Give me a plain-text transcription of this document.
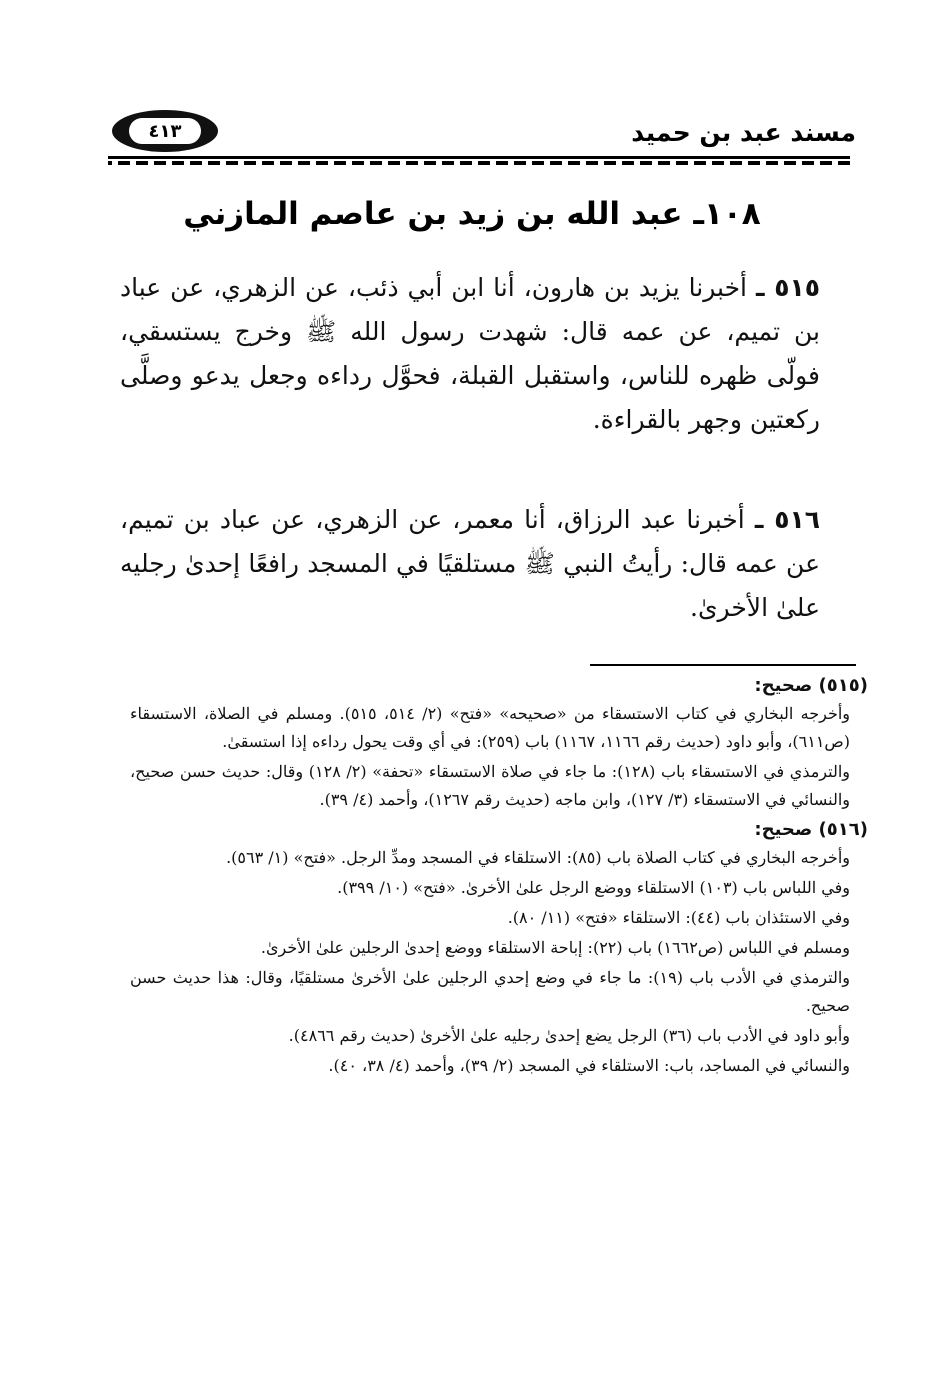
مسند عبد بن حميد
٤١٣
١٠٨ـ عبد الله بن زيد بن عاصم المازني
٥١٥ ـ أخبرنا يزيد بن هارون، أنا ابن أبي ذئب، عن الزهري، عن عباد بن تميم، عن عمه قال: شهدت رسول الله ﷺ وخرج يستسقي، فولّى ظهره للناس، واستقبل القبلة، فحوَّل رداءه وجعل يدعو وصلَّى ركعتين وجهر بالقراءة.
٥١٦ ـ أخبرنا عبد الرزاق، أنا معمر، عن الزهري، عن عباد بن تميم، عن عمه قال: رأيتُ النبي ﷺ مستلقيًا في المسجد رافعًا إحدىٰ رجليه علىٰ الأخرىٰ.
(٥١٥) صحيح:
وأخرجه البخاري في كتاب الاستسقاء من «صحيحه» «فتح» (٢/ ٥١٤، ٥١٥). ومسلم في الصلاة، الاستسقاء (ص٦١١)، وأبو داود (حديث رقم ١١٦٦، ١١٦٧) باب (٢٥٩): في أي وقت يحول رداءه إذا استسقىٰ.
والترمذي في الاستسقاء باب (١٢٨): ما جاء في صلاة الاستسقاء «تحفة» (٢/ ١٢٨) وقال: حديث حسن صحيح، والنسائي في الاستسقاء (٣/ ١٢٧)، وابن ماجه (حديث رقم ١٢٦٧)، وأحمد (٤/ ٣٩).
(٥١٦) صحيح:
وأخرجه البخاري في كتاب الصلاة باب (٨٥): الاستلقاء في المسجد ومدِّ الرجل. «فتح» (١/ ٥٦٣).
وفي اللباس باب (١٠٣) الاستلقاء ووضع الرجل علىٰ الأخرىٰ. «فتح» (١٠/ ٣٩٩).
وفي الاستئذان باب (٤٤): الاستلقاء «فتح» (١١/ ٨٠).
ومسلم في اللباس (ص١٦٦٢) باب (٢٢): إباحة الاستلقاء ووضع إحدىٰ الرجلين علىٰ الأخرىٰ.
والترمذي في الأدب باب (١٩): ما جاء في وضع إحدي الرجلين علىٰ الأخرىٰ مستلقيًا، وقال: هذا حديث حسن صحيح.
وأبو داود في الأدب باب (٣٦) الرجل يضع إحدىٰ رجليه علىٰ الأخرىٰ (حديث رقم ٤٨٦٦).
والنسائي في المساجد، باب: الاستلقاء في المسجد (٢/ ٣٩)، وأحمد (٤/ ٣٨، ٤٠).
